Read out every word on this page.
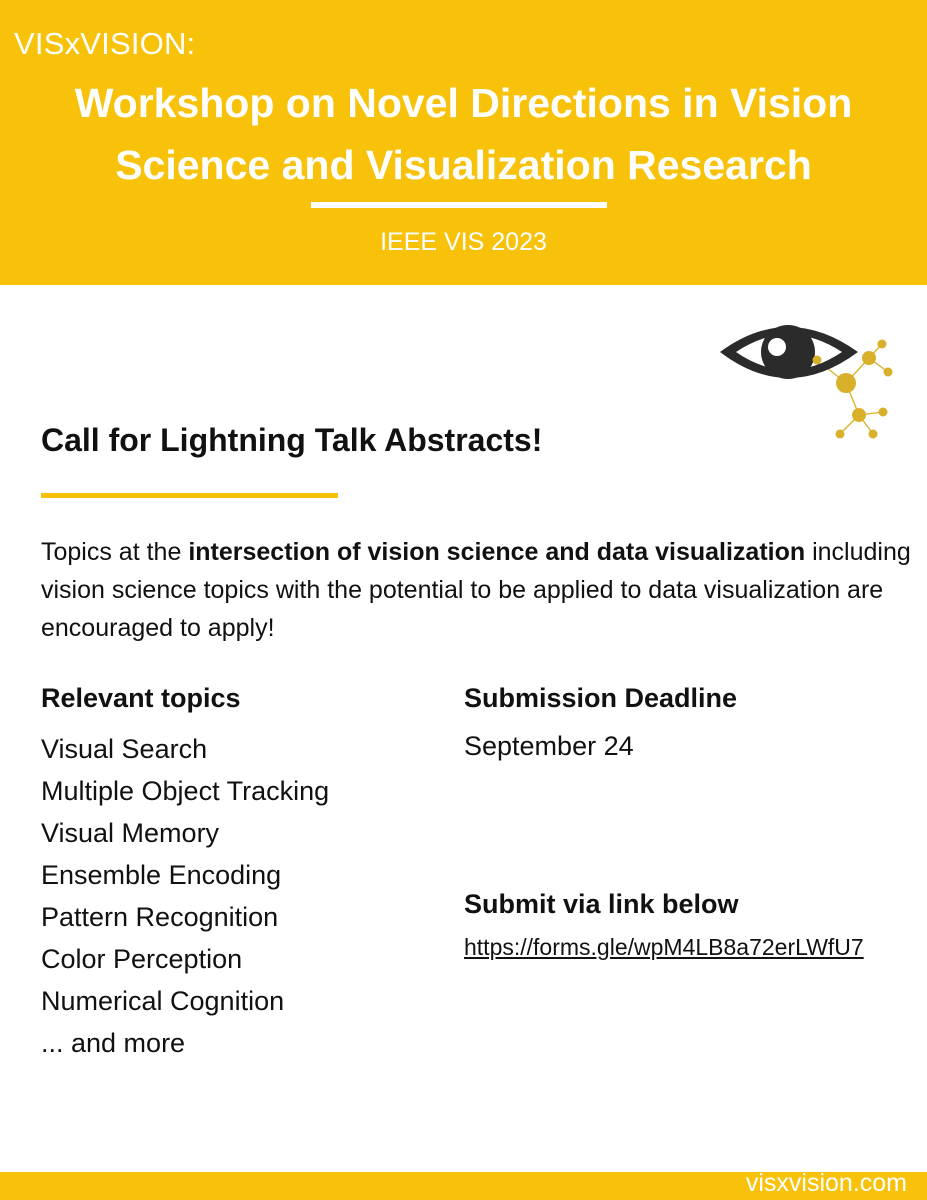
VISxVISION:
Workshop on Novel Directions in Vision
Science and Visualization Research
IEEE VIS 2023
Call for Lightning Talk Abstracts!

Topics at the intersection of vision science and data visualization including vision science topics with the potential to be applied to data visualization are encouraged to apply!

Relevant topics
Visual Search
Multiple Object Tracking
Visual Memory
Ensemble Encoding
Pattern Recognition
Color Perception
Numerical Cognition
... and more
Submission Deadline
September 24
Submit via link below
https://forms.gle/wpM4LB8a72erLWfU7
visxvision.com
